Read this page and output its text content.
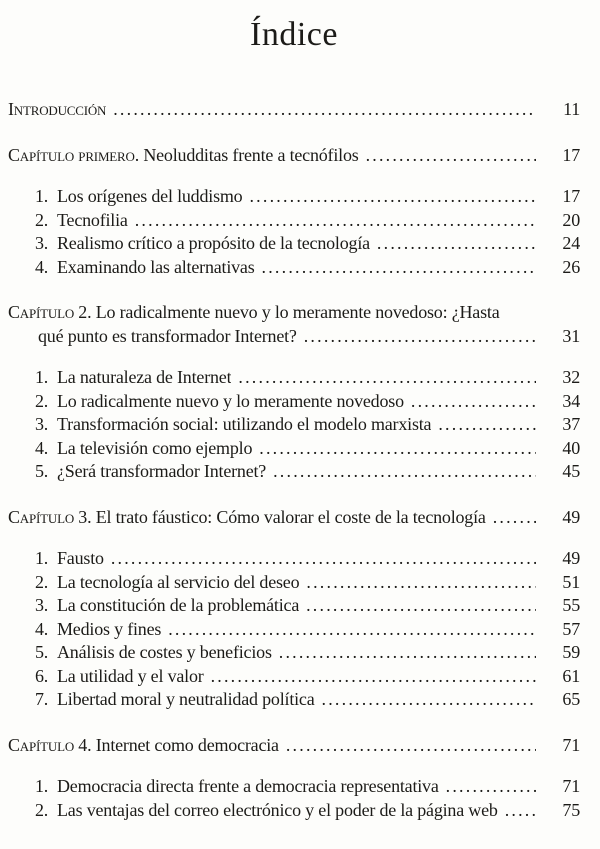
Índice
Introducción .....	11
Capítulo primero. Neoludditas frente a tecnófilos .....	17
1. Los orígenes del luddismo .....	17
2. Tecnofilia .....	20
3. Realismo crítico a propósito de la tecnología .....	24
4. Examinando las alternativas .....	26
Capítulo 2. Lo radicalmente nuevo y lo meramente novedoso: ¿Hasta
qué punto es transformador Internet? .....	31
1. La naturaleza de Internet .....	32
2. Lo radicalmente nuevo y lo meramente novedoso .....	34
3. Transformación social: utilizando el modelo marxista .....	37
4. La televisión como ejemplo .....	40
5. ¿Será transformador Internet? .....	45
Capítulo 3. El trato fáustico: Cómo valorar el coste de la tecnología .....	49
1. Fausto .....	49
2. La tecnología al servicio del deseo .....	51
3. La constitución de la problemática .....	55
4. Medios y fines .....	57
5. Análisis de costes y beneficios .....	59
6. La utilidad y el valor .....	61
7. Libertad moral y neutralidad política .....	65
Capítulo 4. Internet como democracia .....	71
1. Democracia directa frente a democracia representativa .....	71
2. Las ventajas del correo electrónico y el poder de la página web .....	75
